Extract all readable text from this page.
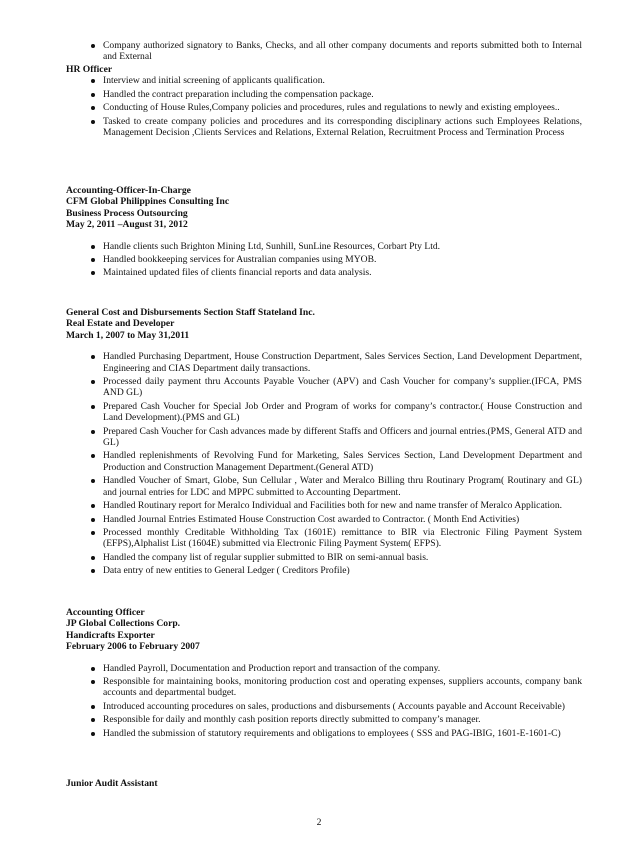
Company authorized signatory to Banks, Checks, and all other company documents and reports submitted both to Internal and External

HR Officer

Interview and initial screening of applicants qualification.
Handled the contract preparation including the compensation package.
Conducting of House Rules,Company policies and procedures, rules and regulations to newly and existing employees..
Tasked to create company policies and procedures and its corresponding disciplinary actions such Employees Relations, Management Decision ,Clients Services and Relations, External Relation, Recruitment Process and Termination Process

Accounting-Officer-In-Charge

CFM Global Philippines Consulting Inc

Business Process Outsourcing

May 2, 2011 –August 31, 2012

Handle clients such Brighton Mining Ltd, Sunhill, SunLine Resources, Corbart Pty Ltd.
Handled bookkeeping services for Australian companies using MYOB.
Maintained updated files of clients financial reports and data analysis.

General Cost and Disbursements Section Staff Stateland Inc.

Real Estate and Developer

March 1, 2007 to May 31,2011

Handled Purchasing Department, House Construction Department, Sales Services Section, Land Development Department, Engineering and CIAS Department daily transactions.
Processed daily payment thru Accounts Payable Voucher (APV) and Cash Voucher for company’s supplier.(IFCA, PMS AND GL)
Prepared Cash Voucher for Special Job Order and Program of works for company’s contractor.( House Construction and Land Development).(PMS and GL)
Prepared Cash Voucher for Cash advances made by different Staffs and Officers and journal entries.(PMS, General ATD and GL)
Handled replenishments of Revolving Fund for Marketing, Sales Services Section, Land Development Department and Production and Construction Management Department.(General ATD)
Handled Voucher of Smart, Globe, Sun Cellular , Water and Meralco Billing thru Routinary Program( Routinary and GL) and journal entries for LDC and MPPC submitted to Accounting Department.
Handled Routinary report for Meralco Individual and Facilities both for new and name transfer of Meralco Application.
Handled Journal Entries Estimated House Construction Cost awarded to Contractor. ( Month End Activities)
Processed monthly Creditable Withholding Tax (1601E) remittance to BIR via Electronic Filing Payment System (EFPS),Alphalist List (1604E) submitted via Electronic Filing Payment System( EFPS).
Handled the company list of regular supplier submitted to BIR on semi-annual basis.
Data entry of new entities to General Ledger ( Creditors Profile)

Accounting Officer

JP Global Collections Corp.

Handicrafts Exporter

February 2006 to February 2007

Handled Payroll, Documentation and Production report and transaction of the company.
Responsible for maintaining books, monitoring production cost and operating expenses, suppliers accounts, company bank accounts and departmental budget.
Introduced accounting procedures on sales, productions and disbursements ( Accounts payable and Account Receivable)
Responsible for daily and monthly cash position reports directly submitted to company’s manager.
Handled the submission of statutory requirements and obligations to employees ( SSS and PAG-IBIG, 1601-E-1601-C)

Junior Audit Assistant

2
